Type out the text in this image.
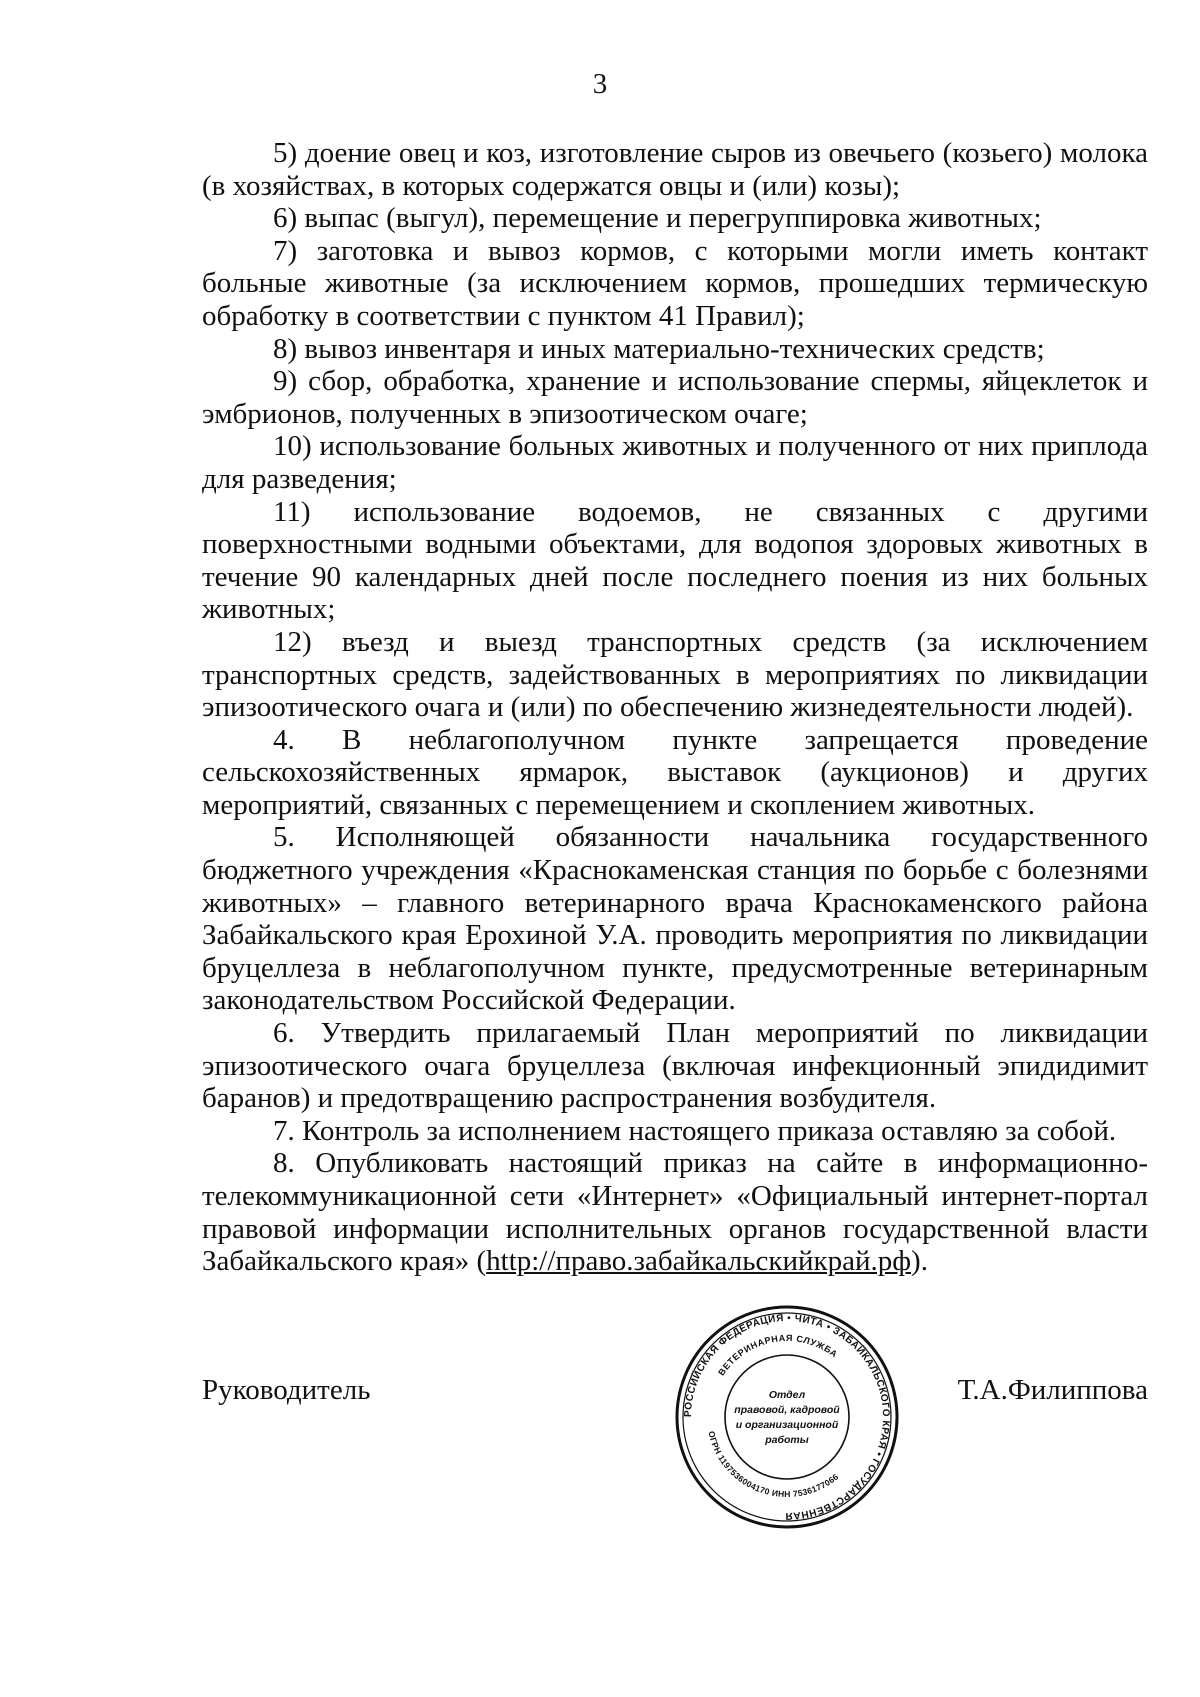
3

5) доение овец и коз, изготовление сыров из овечьего (козьего) молока (в хозяйствах, в которых содержатся овцы и (или) козы);

6) выпас (выгул), перемещение и перегруппировка животных;

7) заготовка и вывоз кормов, с которыми могли иметь контакт больные животные (за исключением кормов, прошедших термическую обработку в соответствии с пунктом 41 Правил);

8) вывоз инвентаря и иных материально-технических средств;

9) сбор, обработка, хранение и использование спермы, яйцеклеток и эмбрионов, полученных в эпизоотическом очаге;

10) использование больных животных и полученного от них приплода для разведения;

11) использование водоемов, не связанных с другими поверхностными водными объектами, для водопоя здоровых животных в течение 90 календарных дней после последнего поения из них больных животных;

12) въезд и выезд транспортных средств (за исключением транспортных средств, задействованных в мероприятиях по ликвидации эпизоотического очага и (или) по обеспечению жизнедеятельности людей).

4. В неблагополучном пункте запрещается проведение сельскохозяйственных ярмарок, выставок (аукционов) и других мероприятий, связанных с перемещением и скоплением животных.

5. Исполняющей обязанности начальника государственного бюджетного учреждения «Краснокаменская станция по борьбе с болезнями животных» – главного ветеринарного врача Краснокаменского района Забайкальского края Ерохиной У.А. проводить мероприятия по ликвидации бруцеллеза в неблагополучном пункте, предусмотренные ветеринарным законодательством Российской Федерации.

6. Утвердить прилагаемый План мероприятий по ликвидации эпизоотического очага бруцеллеза (включая инфекционный эпидидимит баранов) и предотвращению распространения возбудителя.

7. Контроль за исполнением настоящего приказа оставляю за собой.

8. Опубликовать настоящий приказ на сайте в информационно-телекоммуникационной сети «Интернет» «Официальный интернет-портал правовой информации исполнительных органов государственной власти Забайкальского края» (http://право.забайкальскийкрай.рф).

Руководитель	Т.А.Филиппова
РОССИЙСКАЯ ФЕДЕРАЦИЯ • ЧИТА • ЗАБАЙКАЛЬСКОГО КРАЯ • ГОСУДАРСТВЕННАЯ
ВЕТЕРИНАРНАЯ СЛУЖБА
ОГРН 1197536004170 ИНН 7536177066
Отдел
правовой, кадровой
и организационной
работы
